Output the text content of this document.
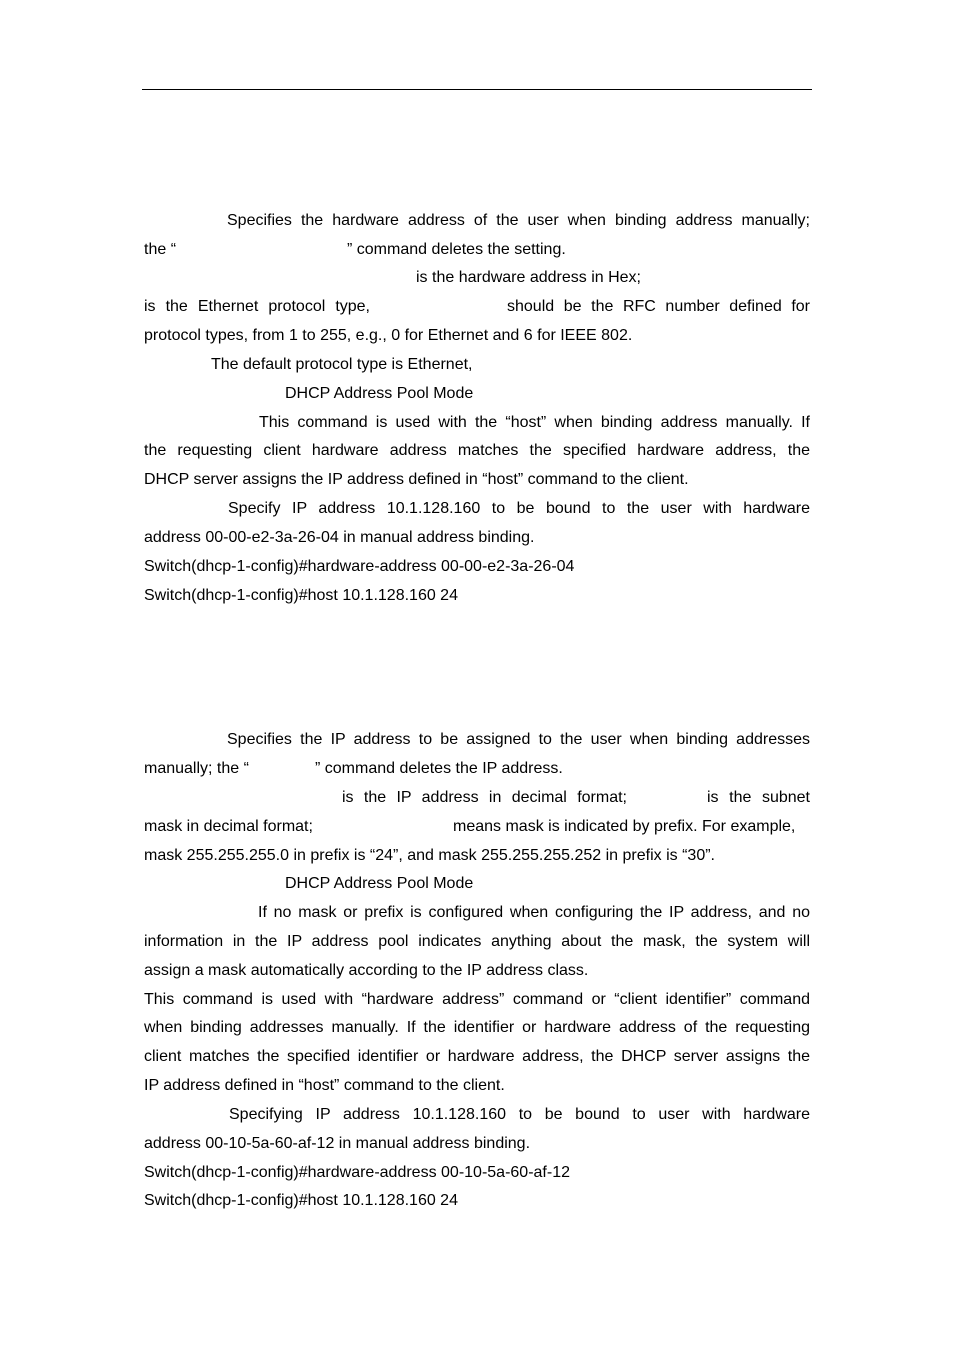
Specifies the hardware address of the user when binding address manually;
the “	” command deletes the setting.
is the hardware address in Hex;
is the Ethernet protocol type,	should be the RFC number defined for
protocol types, from 1 to 255, e.g., 0 for Ethernet and 6 for IEEE 802.
The default protocol type is Ethernet,
DHCP Address Pool Mode
This command is used with the “host” when binding address manually. If
the requesting client hardware address matches the specified hardware address, the
DHCP server assigns the IP address defined in “host” command to the client.
Specify IP address 10.1.128.160 to be bound to the user with hardware
address 00-00-e2-3a-26-04 in manual address binding.
Switch(dhcp-1-config)#hardware-address 00-00-e2-3a-26-04
Switch(dhcp-1-config)#host 10.1.128.160 24
Specifies the IP address to be assigned to the user when binding addresses
manually; the “	” command deletes the IP address.
is the IP address in decimal format;	is the subnet
mask in decimal format;	means mask is indicated by prefix. For example,
mask 255.255.255.0 in prefix is “24”, and mask 255.255.255.252 in prefix is “30”.
DHCP Address Pool Mode
If no mask or prefix is configured when configuring the IP address, and no
information in the IP address pool indicates anything about the mask, the system will
assign a mask automatically according to the IP address class.
This command is used with “hardware address” command or “client identifier” command
when binding addresses manually. If the identifier or hardware address of the requesting
client matches the specified identifier or hardware address, the DHCP server assigns the
IP address defined in “host” command to the client.
Specifying IP address 10.1.128.160 to be bound to user with hardware
address 00-10-5a-60-af-12 in manual address binding.
Switch(dhcp-1-config)#hardware-address 00-10-5a-60-af-12
Switch(dhcp-1-config)#host 10.1.128.160 24
